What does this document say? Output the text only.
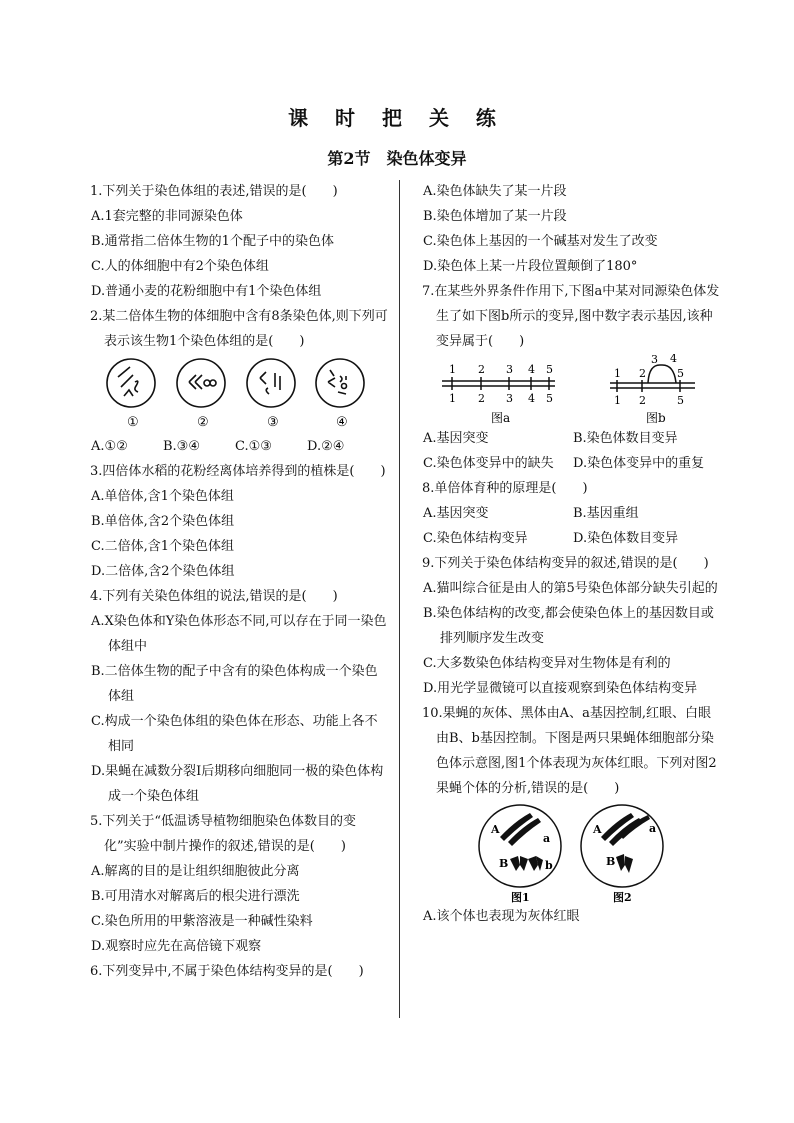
课 时 把 关 练
第2节　染色体变异

1.下列关于染色体组的表述,错误的是(　　)

A.1套完整的非同源染色体

B.通常指二倍体生物的1个配子中的染色体

C.人的体细胞中有2个染色体组

D.普通小麦的花粉细胞中有1个染色体组

2.某二倍体生物的体细胞中含有8条染色体,则下列可表示该生物1个染色体组的是(　　)

①	②	③	④
A.①②	B.③④	C.①③	D.②④

3.四倍体水稻的花粉经离体培养得到的植株是(　　)

A.单倍体,含1个染色体组

B.单倍体,含2个染色体组

C.二倍体,含1个染色体组

D.二倍体,含2个染色体组

4.下列有关染色体组的说法,错误的是(　　)

A.X染色体和Y染色体形态不同,可以存在于同一染色体组中

B.二倍体生物的配子中含有的染色体构成一个染色体组

C.构成一个染色体组的染色体在形态、功能上各不相同

D.果蝇在减数分裂Ⅰ后期移向细胞同一极的染色体构成一个染色体组

5.下列关于“低温诱导植物细胞染色体数目的变化”实验中制片操作的叙述,错误的是(　　)

A.解离的目的是让组织细胞彼此分离

B.可用清水对解离后的根尖进行漂洗

C.染色所用的甲紫溶液是一种碱性染料

D.观察时应先在高倍镜下观察

6.下列变异中,不属于染色体结构变异的是(　　)

A.染色体缺失了某一片段

B.染色体增加了某一片段

C.染色体上基因的一个碱基对发生了改变

D.染色体上某一片段位置颠倒了180°

7.在某些外界条件作用下,下图a中某对同源染色体发生了如下图b所示的变异,图中数字表示基因,该种变异属于(　　)

1 2 3 4 5
1 2 3 4 5
1 2
3 4
5
1 2	5
图a	图b
A.基因突变	B.染色体数目变异
C.染色体变异中的缺失	D.染色体变异中的重复

8.单倍体育种的原理是(　　)

A.基因突变	B.基因重组
C.染色体结构变异	D.染色体数目变异

9.下列关于染色体结构变异的叙述,错误的是(　　)

A.猫叫综合征是由人的第5号染色体部分缺失引起的

B.染色体结构的改变,都会使染色体上的基因数目或排列顺序发生改变

C.大多数染色体结构变异对生物体是有利的

D.用光学显微镜可以直接观察到染色体结构变异

10.果蝇的灰体、黑体由A、a基因控制,红眼、白眼由B、b基因控制。下图是两只果蝇体细胞部分染色体示意图,图1个体表现为灰体红眼。下列对图2果蝇个体的分析,错误的是(　　)

A
a
B	b
A	a
B
图1	图2

A.该个体也表现为灰体红眼
